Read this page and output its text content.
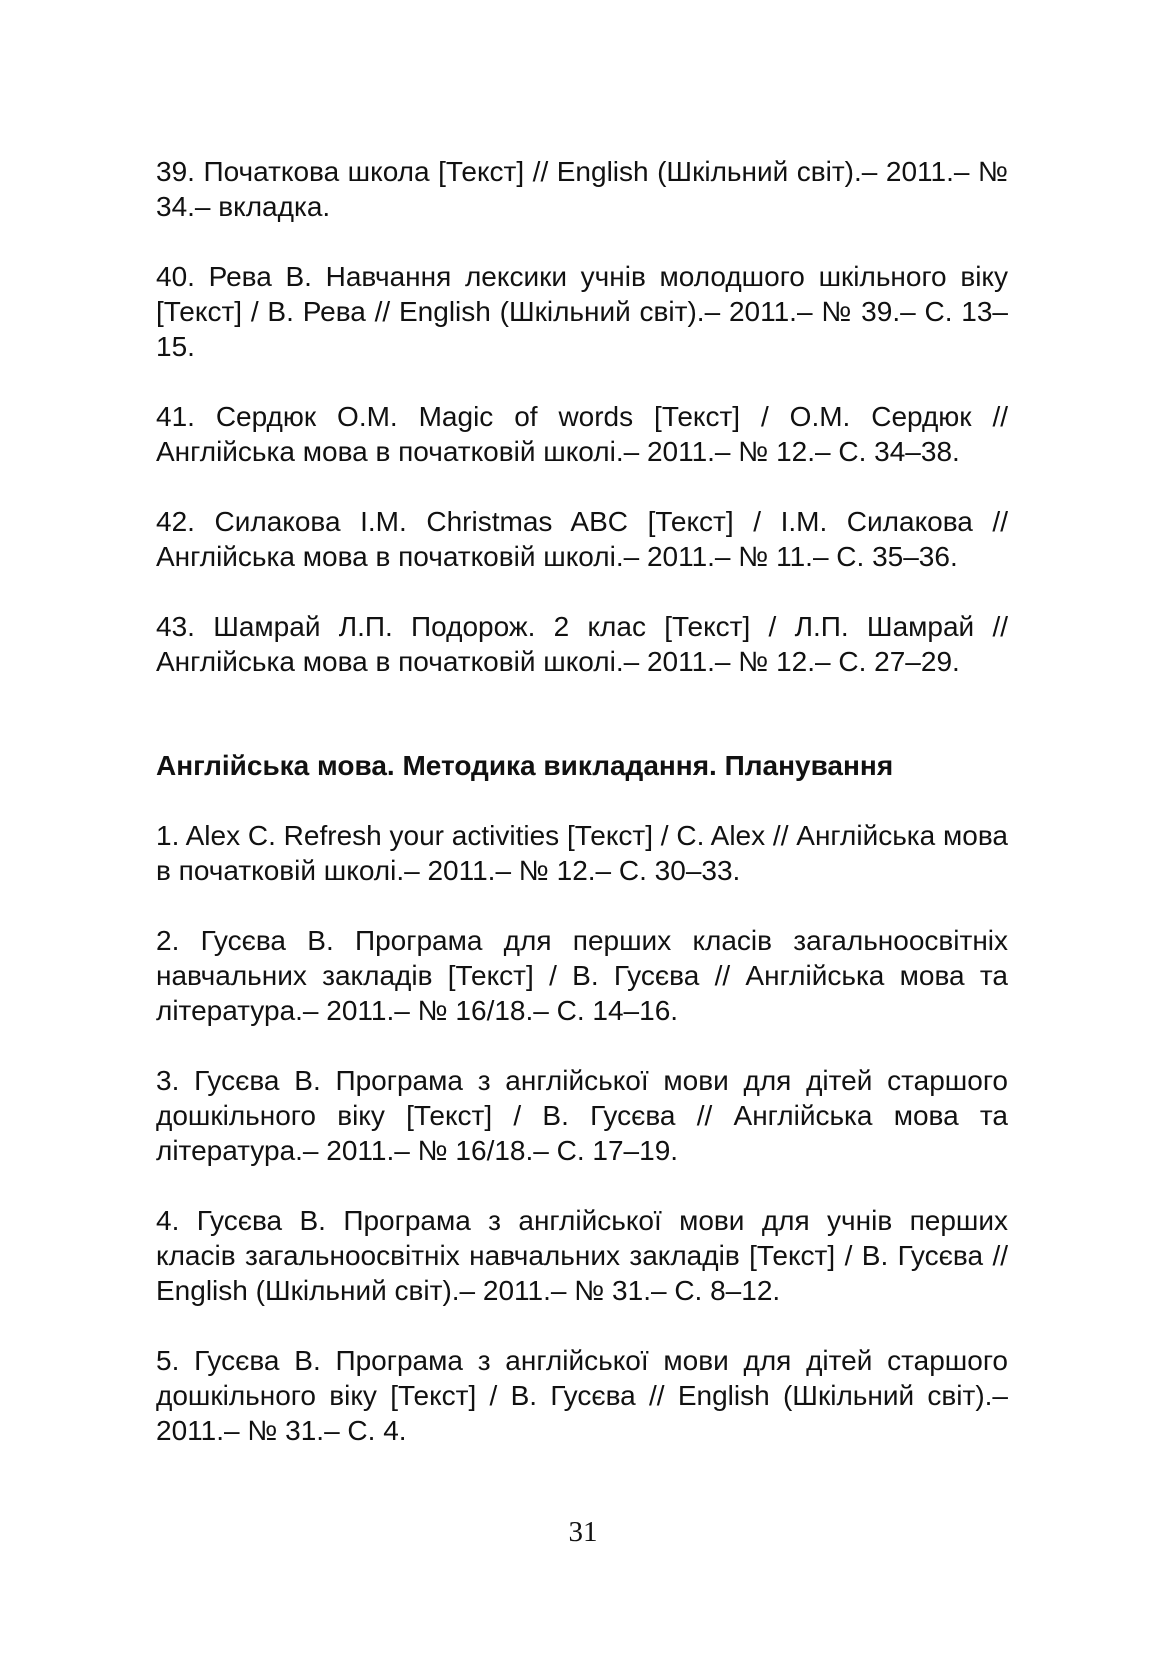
39. Початкова школа [Текст] // English (Шкільний світ).– 2011.– № 34.– вкладка.

40. Рева В. Навчання лексики учнів молодшого шкільного віку [Текст] / В. Рева // English (Шкільний світ).– 2011.– № 39.– С. 13–15.

41. Сердюк О.М. Magic of words [Текст] / О.М. Сердюк // Англійська мова в початковій школі.– 2011.– № 12.– С. 34–38.

42. Силакова І.М. Christmas ABC [Текст] / І.М. Силакова // Англійська мова в початковій школі.– 2011.– № 11.– С. 35–36.

43. Шамрай Л.П. Подорож. 2 клас [Текст] / Л.П. Шамрай // Англійська мова в початковій школі.– 2011.– № 12.– С. 27–29.

Англійська мова. Методика викладання. Планування

1. Alex C. Refresh your activities [Текст] / C. Alex // Англійська мова в початковій школі.– 2011.– № 12.– С. 30–33.

2. Гусєва В. Програма для перших класів загальноосвітніх навчальних закладів [Текст] / В. Гусєва // Англійська мова та література.– 2011.– № 16/18.– С. 14–16.

3. Гусєва В. Програма з англійської мови для дітей старшого дошкільного віку [Текст] / В. Гусєва // Англійська мова та література.– 2011.– № 16/18.– С. 17–19.

4. Гусєва В. Програма з англійської мови для учнів перших класів загальноосвітніх навчальних закладів [Текст] / В. Гусєва // English (Шкільний світ).– 2011.– № 31.– С. 8–12.

5. Гусєва В. Програма з англійської мови для дітей старшого дошкільного віку [Текст] / В. Гусєва // English (Шкільний світ).– 2011.– № 31.– С. 4.

31
